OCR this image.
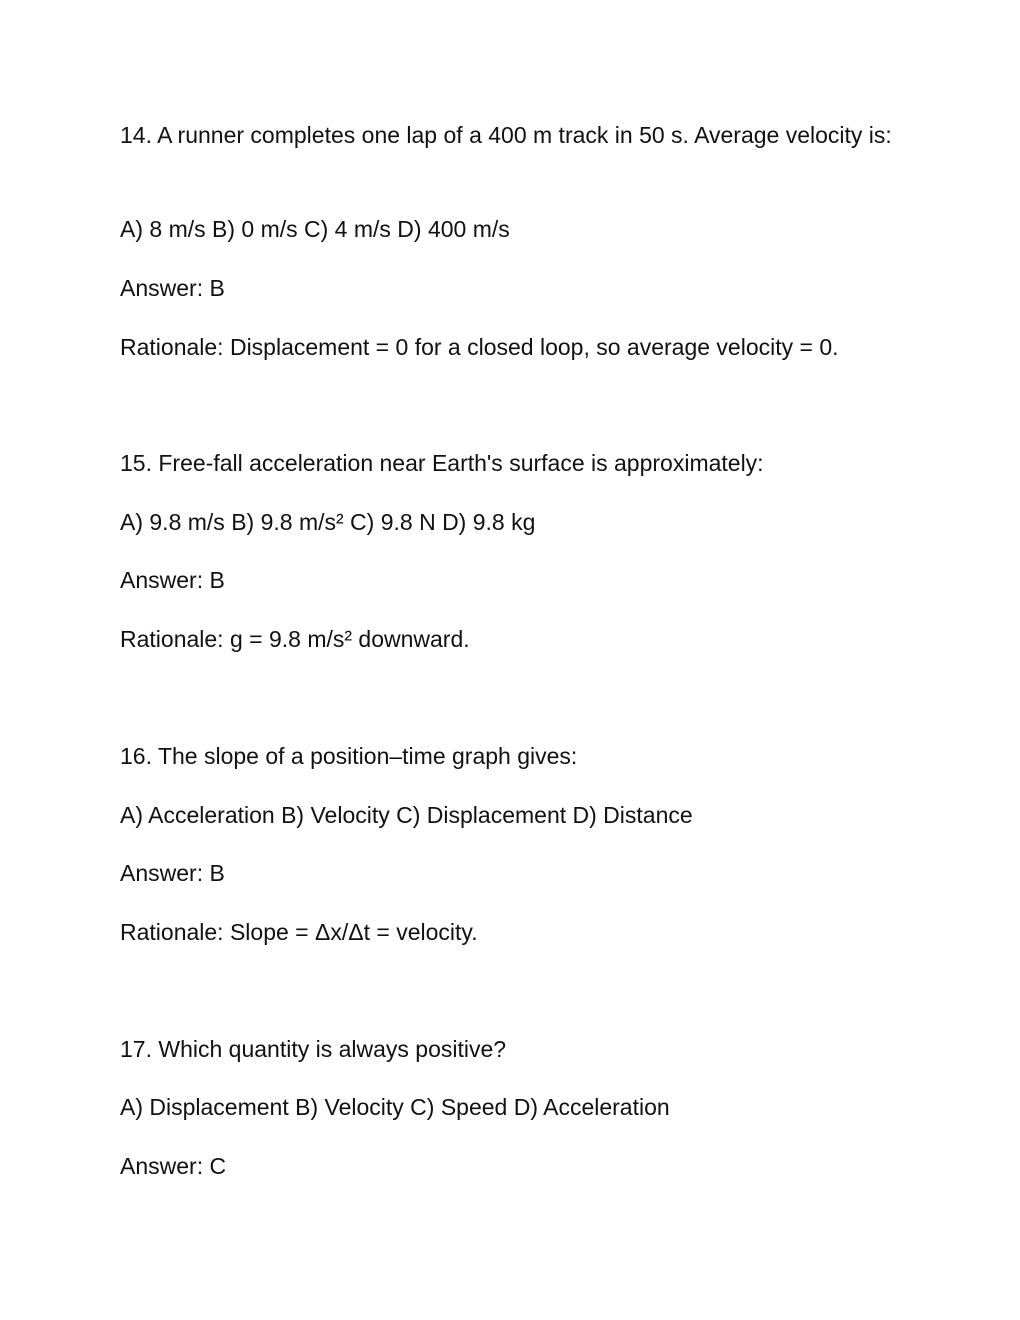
14. A runner completes one lap of a 400 m track in 50 s. Average velocity is:
A) 8 m/s B) 0 m/s C) 4 m/s D) 400 m/s
Answer: B
Rationale: Displacement = 0 for a closed loop, so average velocity = 0.
15. Free-fall acceleration near Earth's surface is approximately:
A) 9.8 m/s B) 9.8 m/s² C) 9.8 N D) 9.8 kg
Answer: B
Rationale: g = 9.8 m/s² downward.
16. The slope of a position–time graph gives:
A) Acceleration B) Velocity C) Displacement D) Distance
Answer: B
Rationale: Slope = Δx/Δt = velocity.
17. Which quantity is always positive?
A) Displacement B) Velocity C) Speed D) Acceleration
Answer: C
